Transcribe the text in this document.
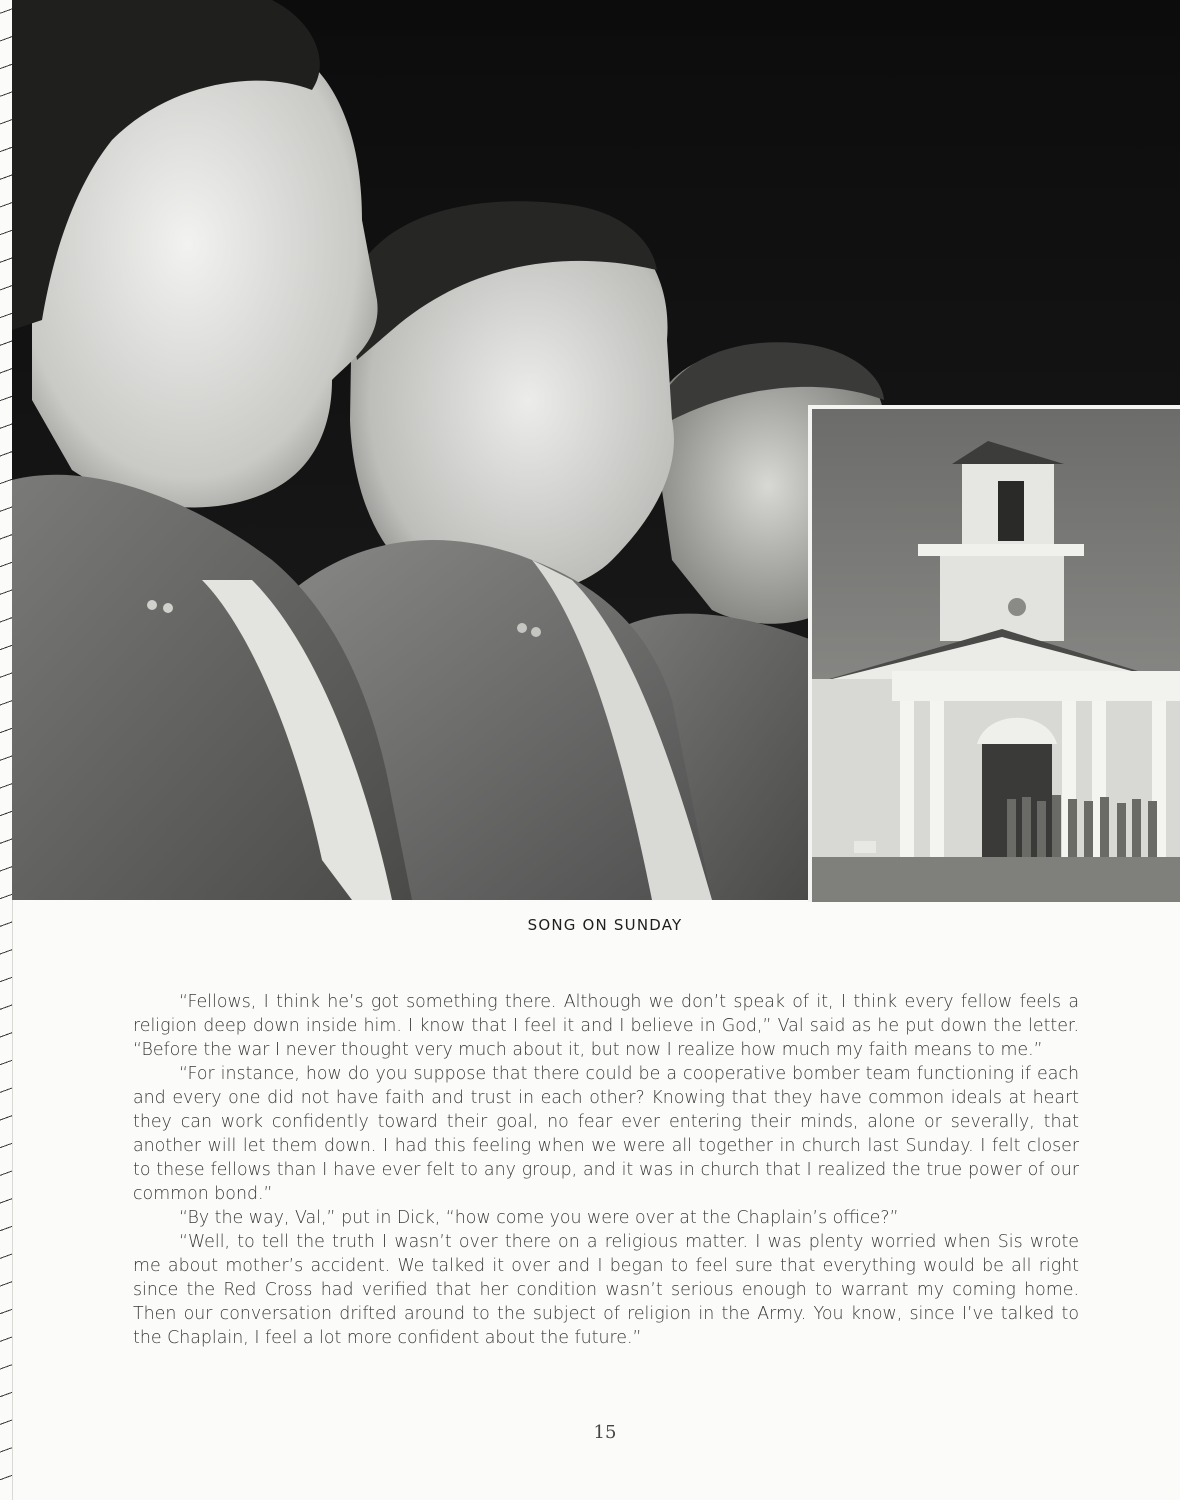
SONG ON SUNDAY

“Fellows, I think he’s got something there. Although we don’t speak of it, I think every fellow feels a religion deep down inside him. I know that I feel it and I believe in God,” Val said as he put down the letter. “Before the war I never thought very much about it, but now I realize how much my faith means to me.”

“For instance, how do you suppose that there could be a cooperative bomber team functioning if each and every one did not have faith and trust in each other? Knowing that they have common ideals at heart they can work confidently toward their goal, no fear ever entering their minds, alone or severally, that another will let them down. I had this feeling when we were all together in church last Sunday. I felt closer to these fellows than I have ever felt to any group, and it was in church that I realized the true power of our common bond.”

“By the way, Val,” put in Dick, “how come you were over at the Chaplain’s office?”

“Well, to tell the truth I wasn’t over there on a religious matter. I was plenty worried when Sis wrote me about mother’s accident. We talked it over and I began to feel sure that everything would be all right since the Red Cross had verified that her condition wasn’t serious enough to warrant my coming home. Then our conversation drifted around to the subject of religion in the Army. You know, since I’ve talked to the Chaplain, I feel a lot more confident about the future.”

15
